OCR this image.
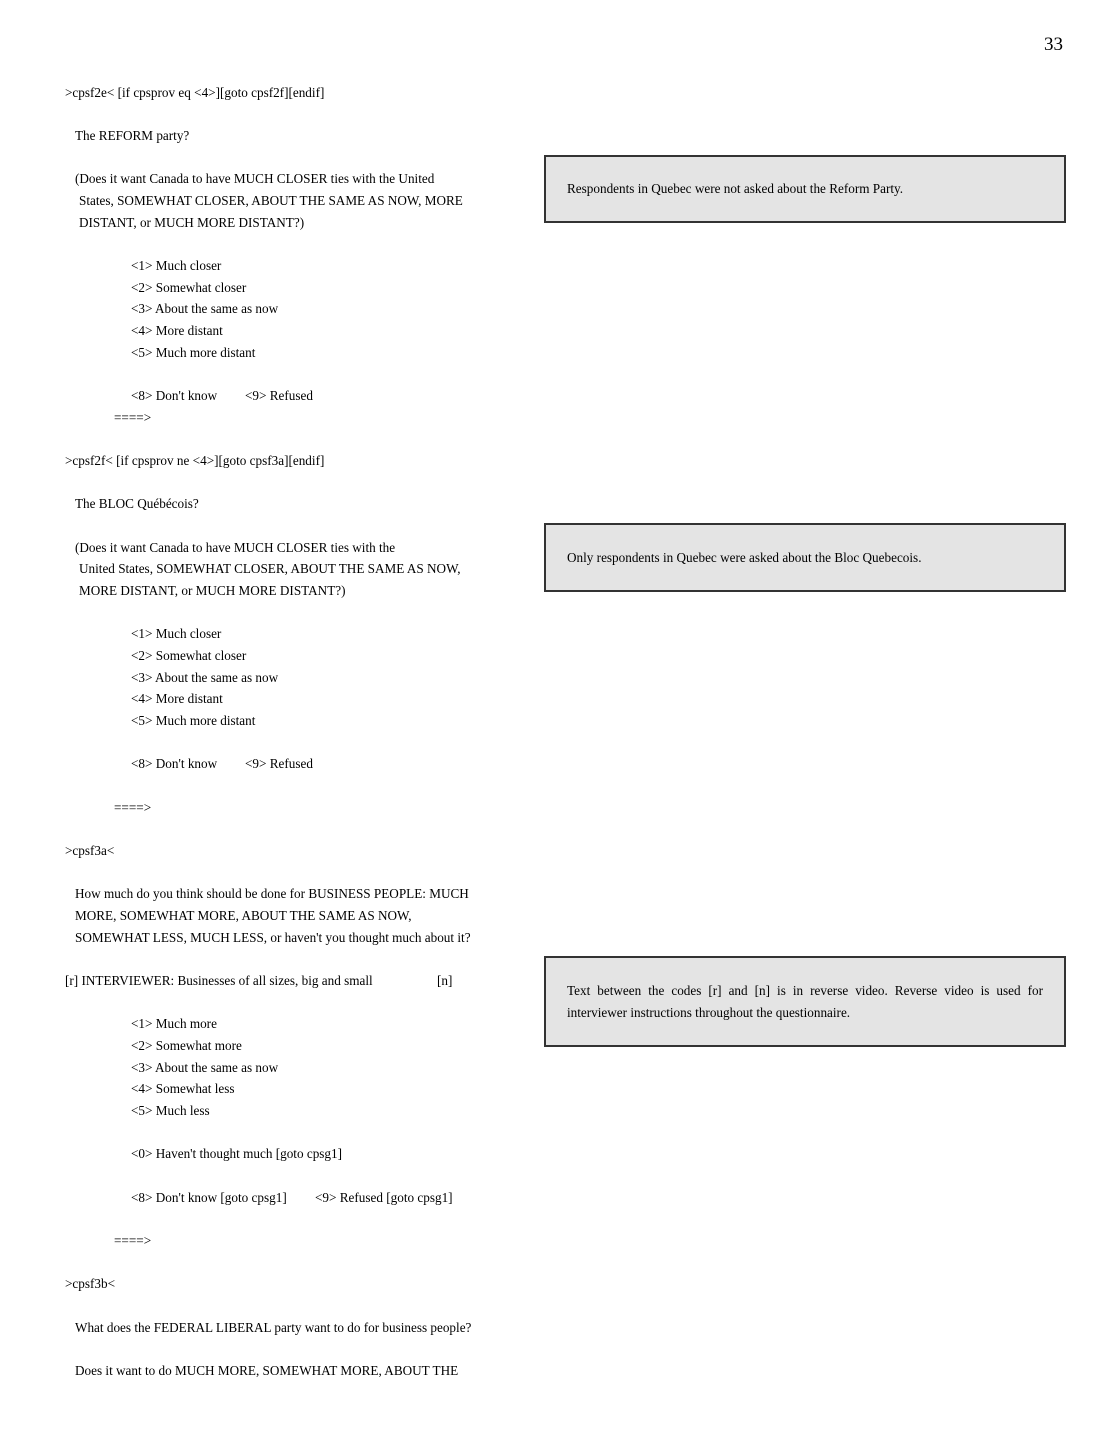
33
>cpsf2e< [if cpsprov eq <4>][goto cpsf2f][endif]
The REFORM party?
(Does it want Canada to have MUCH CLOSER ties with the United
States, SOMEWHAT CLOSER, ABOUT THE SAME AS NOW, MORE
DISTANT, or MUCH MORE DISTANT?)
<1> Much closer
<2> Somewhat closer
<3> About the same as now
<4> More distant
<5> Much more distant
<8> Don't know <9> Refused
====>
Respondents in Quebec were not asked about the Reform Party.
>cpsf2f< [if cpsprov ne <4>][goto cpsf3a][endif]
The BLOC Québécois?
(Does it want Canada to have MUCH CLOSER ties with the
United States, SOMEWHAT CLOSER, ABOUT THE SAME AS NOW,
MORE DISTANT, or MUCH MORE DISTANT?)
<1> Much closer
<2> Somewhat closer
<3> About the same as now
<4> More distant
<5> Much more distant
<8> Don't know <9> Refused
====>
Only respondents in Quebec were asked about the Bloc Quebecois.
>cpsf3a<
How much do you think should be done for BUSINESS PEOPLE: MUCH
MORE, SOMEWHAT MORE, ABOUT THE SAME AS NOW,
SOMEWHAT LESS, MUCH LESS, or haven't you thought much about it?
[r] INTERVIEWER: Businesses of all sizes, big and small	[n]
<1> Much more
<2> Somewhat more
<3> About the same as now
<4> Somewhat less
<5> Much less
<0> Haven't thought much [goto cpsg1]
<8> Don't know [goto cpsg1] <9> Refused [goto cpsg1]
====>
Text between the codes [r] and [n] is in reverse video. Reverse video is used for interviewer instructions throughout the questionnaire.
>cpsf3b<
What does the FEDERAL LIBERAL party want to do for business people?
Does it want to do MUCH MORE, SOMEWHAT MORE, ABOUT THE
